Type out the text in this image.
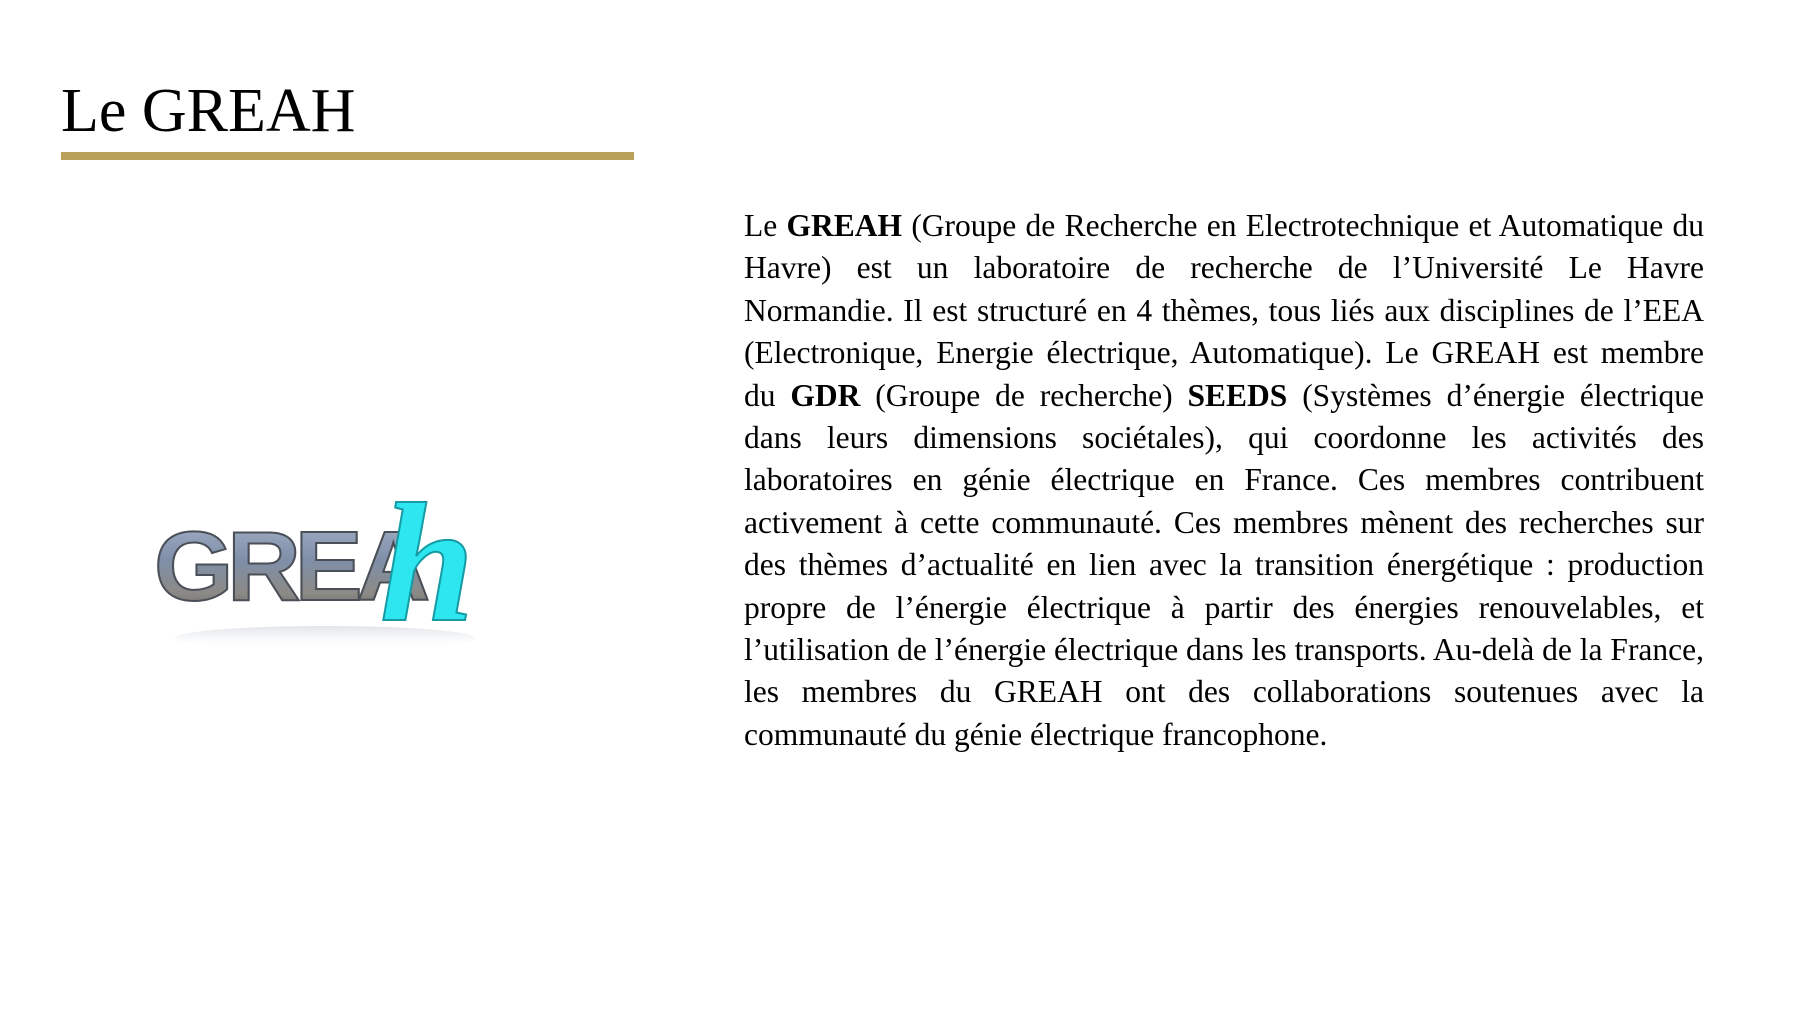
Le GREAH
GREA
h

Le GREAH (Groupe de Recherche en Electrotechnique et Automatique du Havre) est un laboratoire de recherche de l’Université Le Havre Normandie. Il est structuré en 4 thèmes, tous liés aux disciplines de l’EEA (Electronique, Energie électrique, Automatique). Le GREAH est membre du GDR (Groupe de recherche) SEEDS (Systèmes d’énergie électrique dans leurs dimensions sociétales), qui coordonne les activités des laboratoires en génie électrique en France. Ces membres contribuent activement à cette communauté. Ces membres mènent des recherches sur des thèmes d’actualité en lien avec la transition énergétique : production propre de l’énergie électrique à partir des énergies renouvelables, et l’utilisation de l’énergie électrique dans les transports. Au-delà de la France, les membres du GREAH ont des collaborations soutenues avec la communauté du génie électrique francophone.
